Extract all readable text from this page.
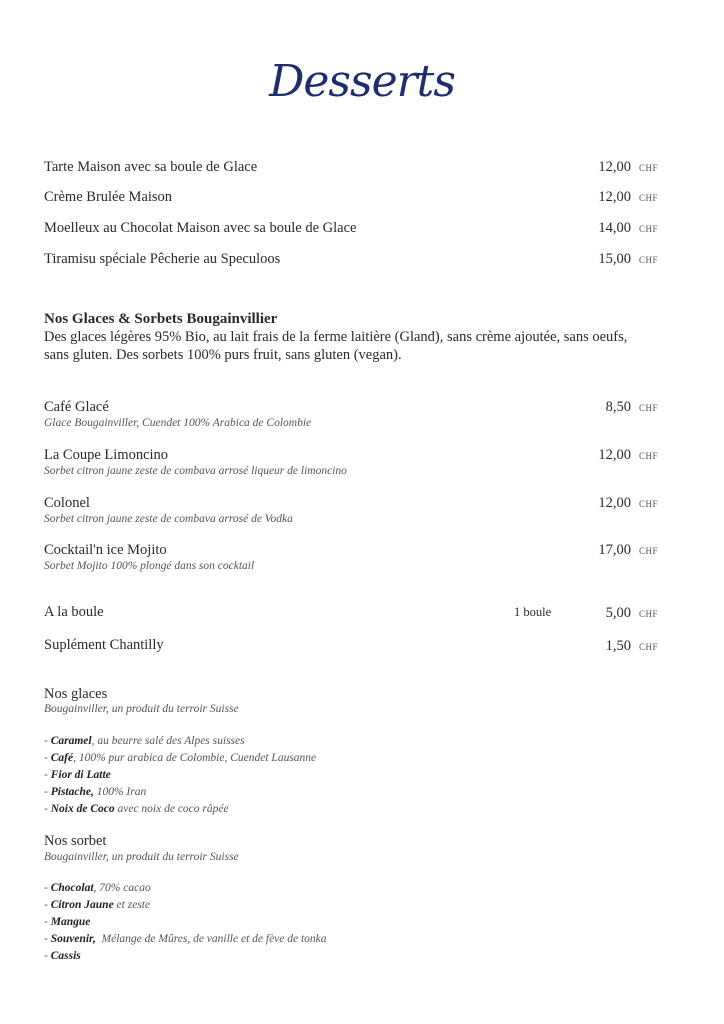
Desserts
Tarte Maison avec sa boule de Glace	12,00 CHF
Crème Brulée Maison	12,00 CHF
Moelleux au Chocolat Maison avec sa boule de Glace	14,00 CHF
Tiramisu spéciale Pêcherie au Speculoos	15,00 CHF
Nos Glaces & Sorbets Bougainvillier
Des glaces légères 95% Bio, au lait frais de la ferme laitière (Gland), sans crème ajoutée, sans oeufs, sans gluten. Des sorbets 100% purs fruit, sans gluten (vegan).
Café Glacé
Glace Bougainviller, Cuendet 100% Arabica de Colombie
8,50 CHF
La Coupe Limoncino
Sorbet citron jaune zeste de combava arrosé liqueur de limoncino
12,00 CHF
Colonel
Sorbet citron jaune zeste de combava arrosé de Vodka
12,00 CHF
Cocktail'n ice Mojito
Sorbet Mojito 100% plongé dans son cocktail
17,00 CHF
A la boule	1 boule	5,00 CHF
Suplément Chantilly	1,50 CHF
Nos glaces
Bougainviller, un produit du terroir Suisse
- Caramel, au beurre salé des Alpes suisses
- Café, 100% pur arabica de Colombie, Cuendet Lausanne
- Fior di Latte
- Pistache, 100% Iran
- Noix de Coco avec noix de coco râpée
Nos sorbet
Bougainviller, un produit du terroir Suisse
- Chocolat, 70% cacao
- Citron Jaune et zeste
- Mangue
- Souvenir,  Mélange de Mûres, de vanille et de fève de tonka
- Cassis
